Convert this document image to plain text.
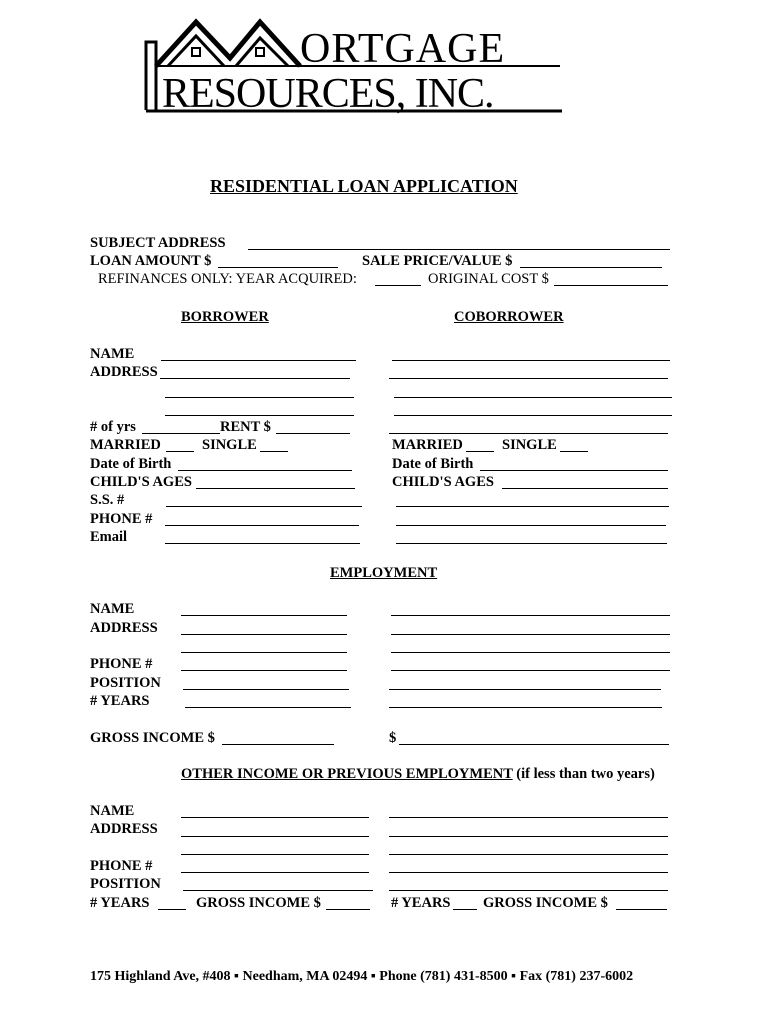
ORTGAGE
RESOURCES, INC.
RESIDENTIAL LOAN APPLICATION
SUBJECT ADDRESS
LOAN AMOUNT $	SALE PRICE/VALUE $
REFINANCES ONLY: YEAR ACQUIRED:	ORIGINAL COST $
BORROWER	COBORROWER
NAME
ADDRESS
# of yrs	RENT $
MARRIED	SINGLE	MARRIED	SINGLE
Date of Birth	Date of Birth
CHILD'S AGES	CHILD'S AGES
S.S. #
PHONE #
Email
EMPLOYMENT
NAME
ADDRESS
PHONE #
POSITION
# YEARS
GROSS INCOME $	$
OTHER INCOME OR PREVIOUS EMPLOYMENT (if less than two years)
NAME
ADDRESS
PHONE #
POSITION
# YEARS	GROSS INCOME $	# YEARS GROSS INCOME $
175 Highland Ave, #408 ▪ Needham, MA 02494 ▪ Phone (781) 431-8500 ▪ Fax (781) 237-6002
